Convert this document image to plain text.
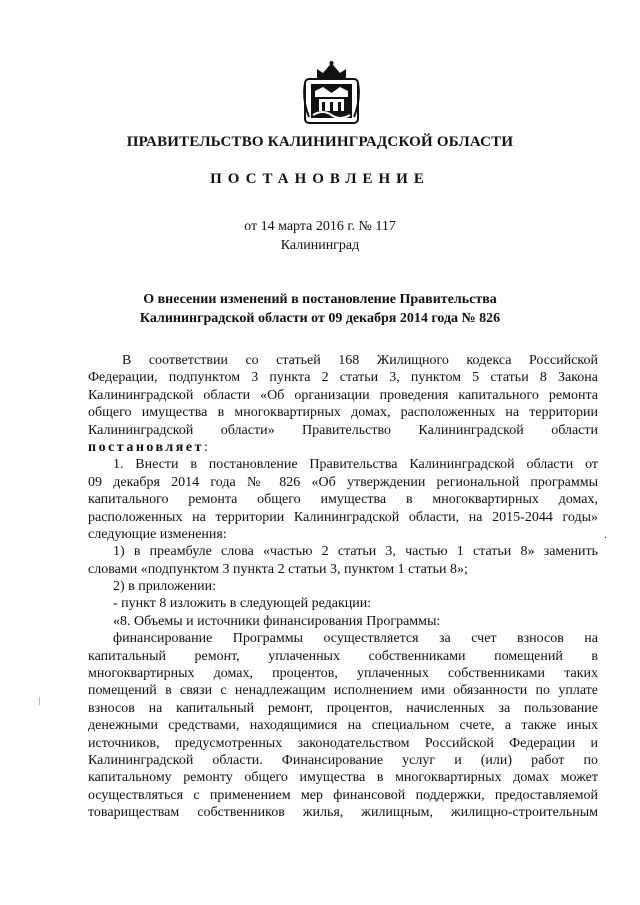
ПРАВИТЕЛЬСТВО КАЛИНИНГРАДСКОЙ ОБЛАСТИ
ПОСТАНОВЛЕНИЕ
от 14 марта 2016 г. № 117
Калининград
О внесении изменений в постановление Правительства
Калининградской области от 09 декабря 2014 года № 826
В соответствии со статьей 168 Жилищного кодекса Российской
Федерации, подпунктом 3 пункта 2 статьи 3, пунктом 5 статьи 8 Закона
Калининградской области «Об организации проведения капитального ремонта
общего имущества в многоквартирных домах, расположенных на территории
Калининградской области» Правительство Калининградской области
постановляет:
1. Внести в постановление Правительства Калининградской области от
09 декабря 2014 года № 826 «Об утверждении региональной программы
капитального ремонта общего имущества в многоквартирных домах,
расположенных на территории Калининградской области, на 2015-2044 годы»
следующие изменения:
1) в преамбуле слова «частью 2 статьи 3, частью 1 статьи 8» заменить
словами «подпунктом 3 пункта 2 статьи 3, пунктом 1 статьи 8»;
2) в приложении:
- пункт 8 изложить в следующей редакции:
«8. Объемы и источники финансирования Программы:
финансирование Программы осуществляется за счет взносов на
капитальный ремонт, уплаченных собственниками помещений в
многоквартирных домах, процентов, уплаченных собственниками таких
помещений в связи с ненадлежащим исполнением ими обязанности по уплате
взносов на капитальный ремонт, процентов, начисленных за пользование
денежными средствами, находящимися на специальном счете, а также иных
источников, предусмотренных законодательством Российской Федерации и
Калининградской области. Финансирование услуг и (или) работ по
капитальному ремонту общего имущества в многоквартирных домах может
осуществляться с применением мер финансовой поддержки, предоставляемой
товариществам собственников жилья, жилищным, жилищно-строительным
.
